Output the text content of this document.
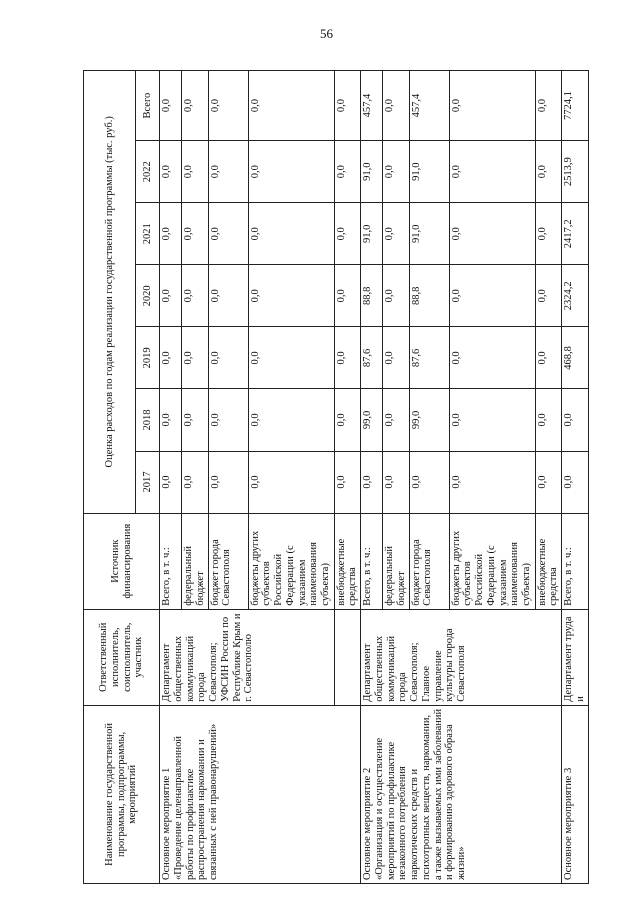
56
Наименование государственной программы, подпрограммы, мероприятий	Ответственный исполнитель, соисполнитель, участник	Источник финансирования	Оценка расходов по годам реализации государственной программы (тыс. руб.)						
			2017	2018	2019	2020	2021	2022	Всего
Основное мероприятие 1 «Проведение целенаправленной работы по профилактике распространения наркомании и связанных с ней правонарушений»	Департамент общественных коммуникаций города Севастополя; УФСИН России по Республике Крым и г. Севастополю	Всего, в т. ч.:	0,0	0,0	0,0	0,0	0,0	0,0	0,0
		федеральный бюджет	0,0	0,0	0,0	0,0	0,0	0,0	0,0
		бюджет города Севастополя	0,0	0,0	0,0	0,0	0,0	0,0	0,0
		бюджеты других субъектов Российской Федерации (с указанием наименования субъекта)	0,0	0,0	0,0	0,0	0,0	0,0	0,0
		внебюджетные средства	0,0	0,0	0,0	0,0	0,0	0,0	0,0
Основное мероприятие 2 «Организация и осуществление мероприятий по профилактике незаконного потребления наркотических средств и психотропных веществ, наркомании, а также вызываемых ими заболеваний и формированию здорового образа жизни»	Департамент общественных коммуникаций города Севастополя; Главное управление культуры города Севастополя	Всего, в т. ч.:	0,0	99,0	87,6	88,8	91,0	91,0	457,4
		федеральный бюджет	0,0	0,0	0,0	0,0	0,0	0,0	0,0
		бюджет города Севастополя	0,0	99,0	87,6	88,8	91,0	91,0	457,4
		бюджеты других субъектов Российской Федерации (с указанием наименования субъекта)	0,0	0,0	0,0	0,0	0,0	0,0	0,0
		внебюджетные средства	0,0	0,0	0,0	0,0	0,0	0,0	0,0
Основное мероприятие 3	Департамент труда и	Всего, в т. ч.:	0,0	0,0	468,8	2324,2	2417,2	2513,9	7724,1
